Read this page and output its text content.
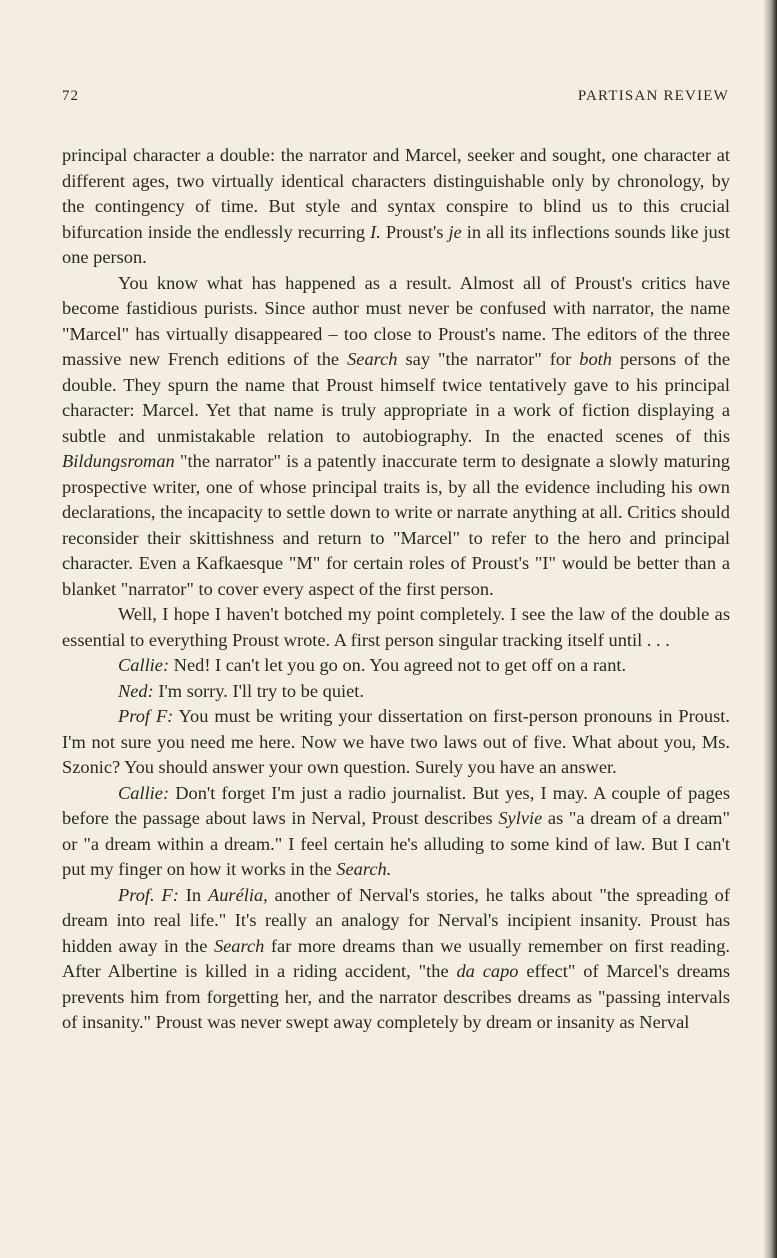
72	PARTISAN REVIEW

principal character a double: the narrator and Marcel, seeker and sought, one character at different ages, two virtually identical characters distinguishable only by chronology, by the contingency of time. But style and syntax conspire to blind us to this crucial bifurcation inside the endlessly recurring I. Proust's je in all its inflections sounds like just one person.

You know what has happened as a result. Almost all of Proust's critics have become fastidious purists. Since author must never be confused with narrator, the name "Marcel" has virtually disappeared – too close to Proust's name. The editors of the three massive new French editions of the Search say "the narrator" for both persons of the double. They spurn the name that Proust himself twice tentatively gave to his principal character: Marcel. Yet that name is truly appropriate in a work of fiction displaying a subtle and unmistakable relation to autobiography. In the enacted scenes of this Bildungsroman "the narrator" is a patently inaccurate term to designate a slowly maturing prospective writer, one of whose principal traits is, by all the evidence including his own declarations, the incapacity to settle down to write or narrate anything at all. Critics should reconsider their skittishness and return to "Marcel" to refer to the hero and principal character. Even a Kafkaesque "M" for certain roles of Proust's "I" would be better than a blanket "narrator" to cover every aspect of the first person.

Well, I hope I haven't botched my point completely. I see the law of the double as essential to everything Proust wrote. A first person singular tracking itself until . . .

Callie: Ned! I can't let you go on. You agreed not to get off on a rant.

Ned: I'm sorry. I'll try to be quiet.

Prof F: You must be writing your dissertation on first-person pronouns in Proust. I'm not sure you need me here. Now we have two laws out of five. What about you, Ms. Szonic? You should answer your own question. Surely you have an answer.

Callie: Don't forget I'm just a radio journalist. But yes, I may. A couple of pages before the passage about laws in Nerval, Proust describes Sylvie as "a dream of a dream" or "a dream within a dream." I feel certain he's alluding to some kind of law. But I can't put my finger on how it works in the Search.

Prof. F: In Aurélia, another of Nerval's stories, he talks about "the spreading of dream into real life." It's really an analogy for Nerval's incipient insanity. Proust has hidden away in the Search far more dreams than we usually remember on first reading. After Albertine is killed in a riding accident, "the da capo effect" of Marcel's dreams prevents him from forgetting her, and the narrator describes dreams as "passing intervals of insanity." Proust was never swept away completely by dream or insanity as Nerval
